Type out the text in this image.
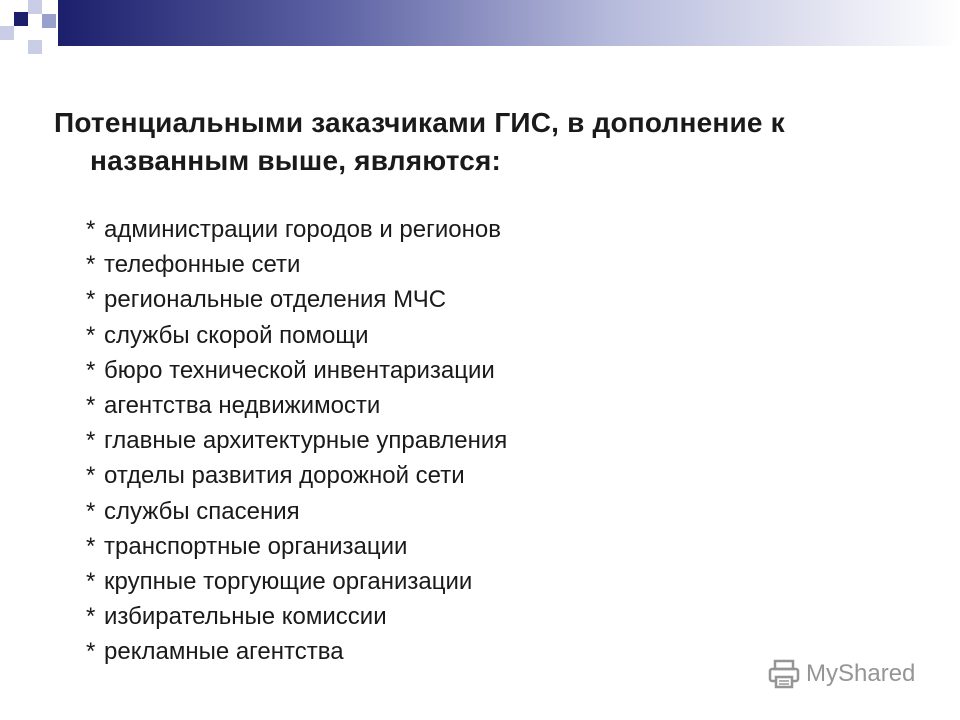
Потенциальными заказчиками ГИС, в дополнение к
названным выше, являются:
* администрации городов и регионов
* телефонные сети
* региональные отделения МЧС
* службы скорой помощи
* бюро технической инвентаризации
* агентства недвижимости
* главные архитектурные управления
* отделы развития дорожной сети
* службы спасения
* транспортные организации
* крупные торгующие организации
* избирательные комиссии
* рекламные агентства
MyShared
